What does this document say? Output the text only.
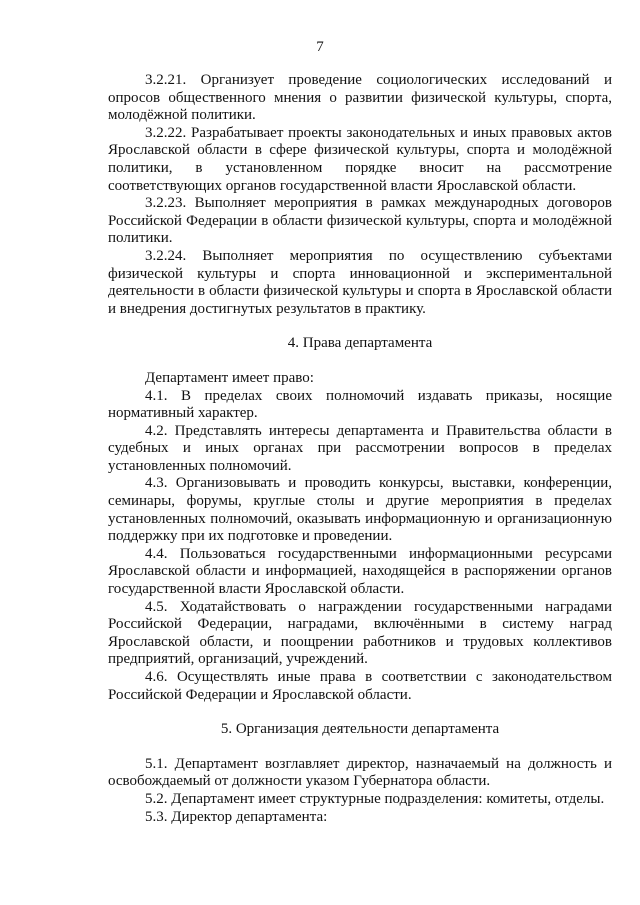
7

3.2.21. Организует проведение социологических исследований и опросов общественного мнения о развитии физической культуры, спорта, молодёжной политики.

3.2.22. Разрабатывает проекты законодательных и иных правовых актов Ярославской области в сфере физической культуры, спорта и молодёжной политики, в установленном порядке вносит на рассмотрение соответствующих органов государственной власти Ярославской области.

3.2.23. Выполняет мероприятия в рамках международных договоров Российской Федерации в области физической культуры, спорта и молодёжной политики.

3.2.24. Выполняет мероприятия по осуществлению субъектами физической культуры и спорта инновационной и экспериментальной деятельности в области физической культуры и спорта в Ярославской области и внедрения достигнутых результатов в практику.

4. Права департамента

Департамент имеет право:

4.1. В пределах своих полномочий издавать приказы, носящие нормативный характер.

4.2. Представлять интересы департамента и Правительства области в судебных и иных органах при рассмотрении вопросов в пределах установленных полномочий.

4.3. Организовывать и проводить конкурсы, выставки, конференции, семинары, форумы, круглые столы и другие мероприятия в пределах установленных полномочий, оказывать информационную и организационную поддержку при их подготовке и проведении.

4.4. Пользоваться государственными информационными ресурсами Ярославской области и информацией, находящейся в распоряжении органов государственной власти Ярославской области.

4.5. Ходатайствовать о награждении государственными наградами Российской Федерации, наградами, включёнными в систему наград Ярославской области, и поощрении работников и трудовых коллективов предприятий, организаций, учреждений.

4.6. Осуществлять иные права в соответствии с законодательством Российской Федерации и Ярославской области.

5. Организация деятельности департамента

5.1. Департамент возглавляет директор, назначаемый на должность и освобождаемый от должности указом Губернатора области.

5.2. Департамент имеет структурные подразделения: комитеты, отделы.

5.3. Директор департамента:
